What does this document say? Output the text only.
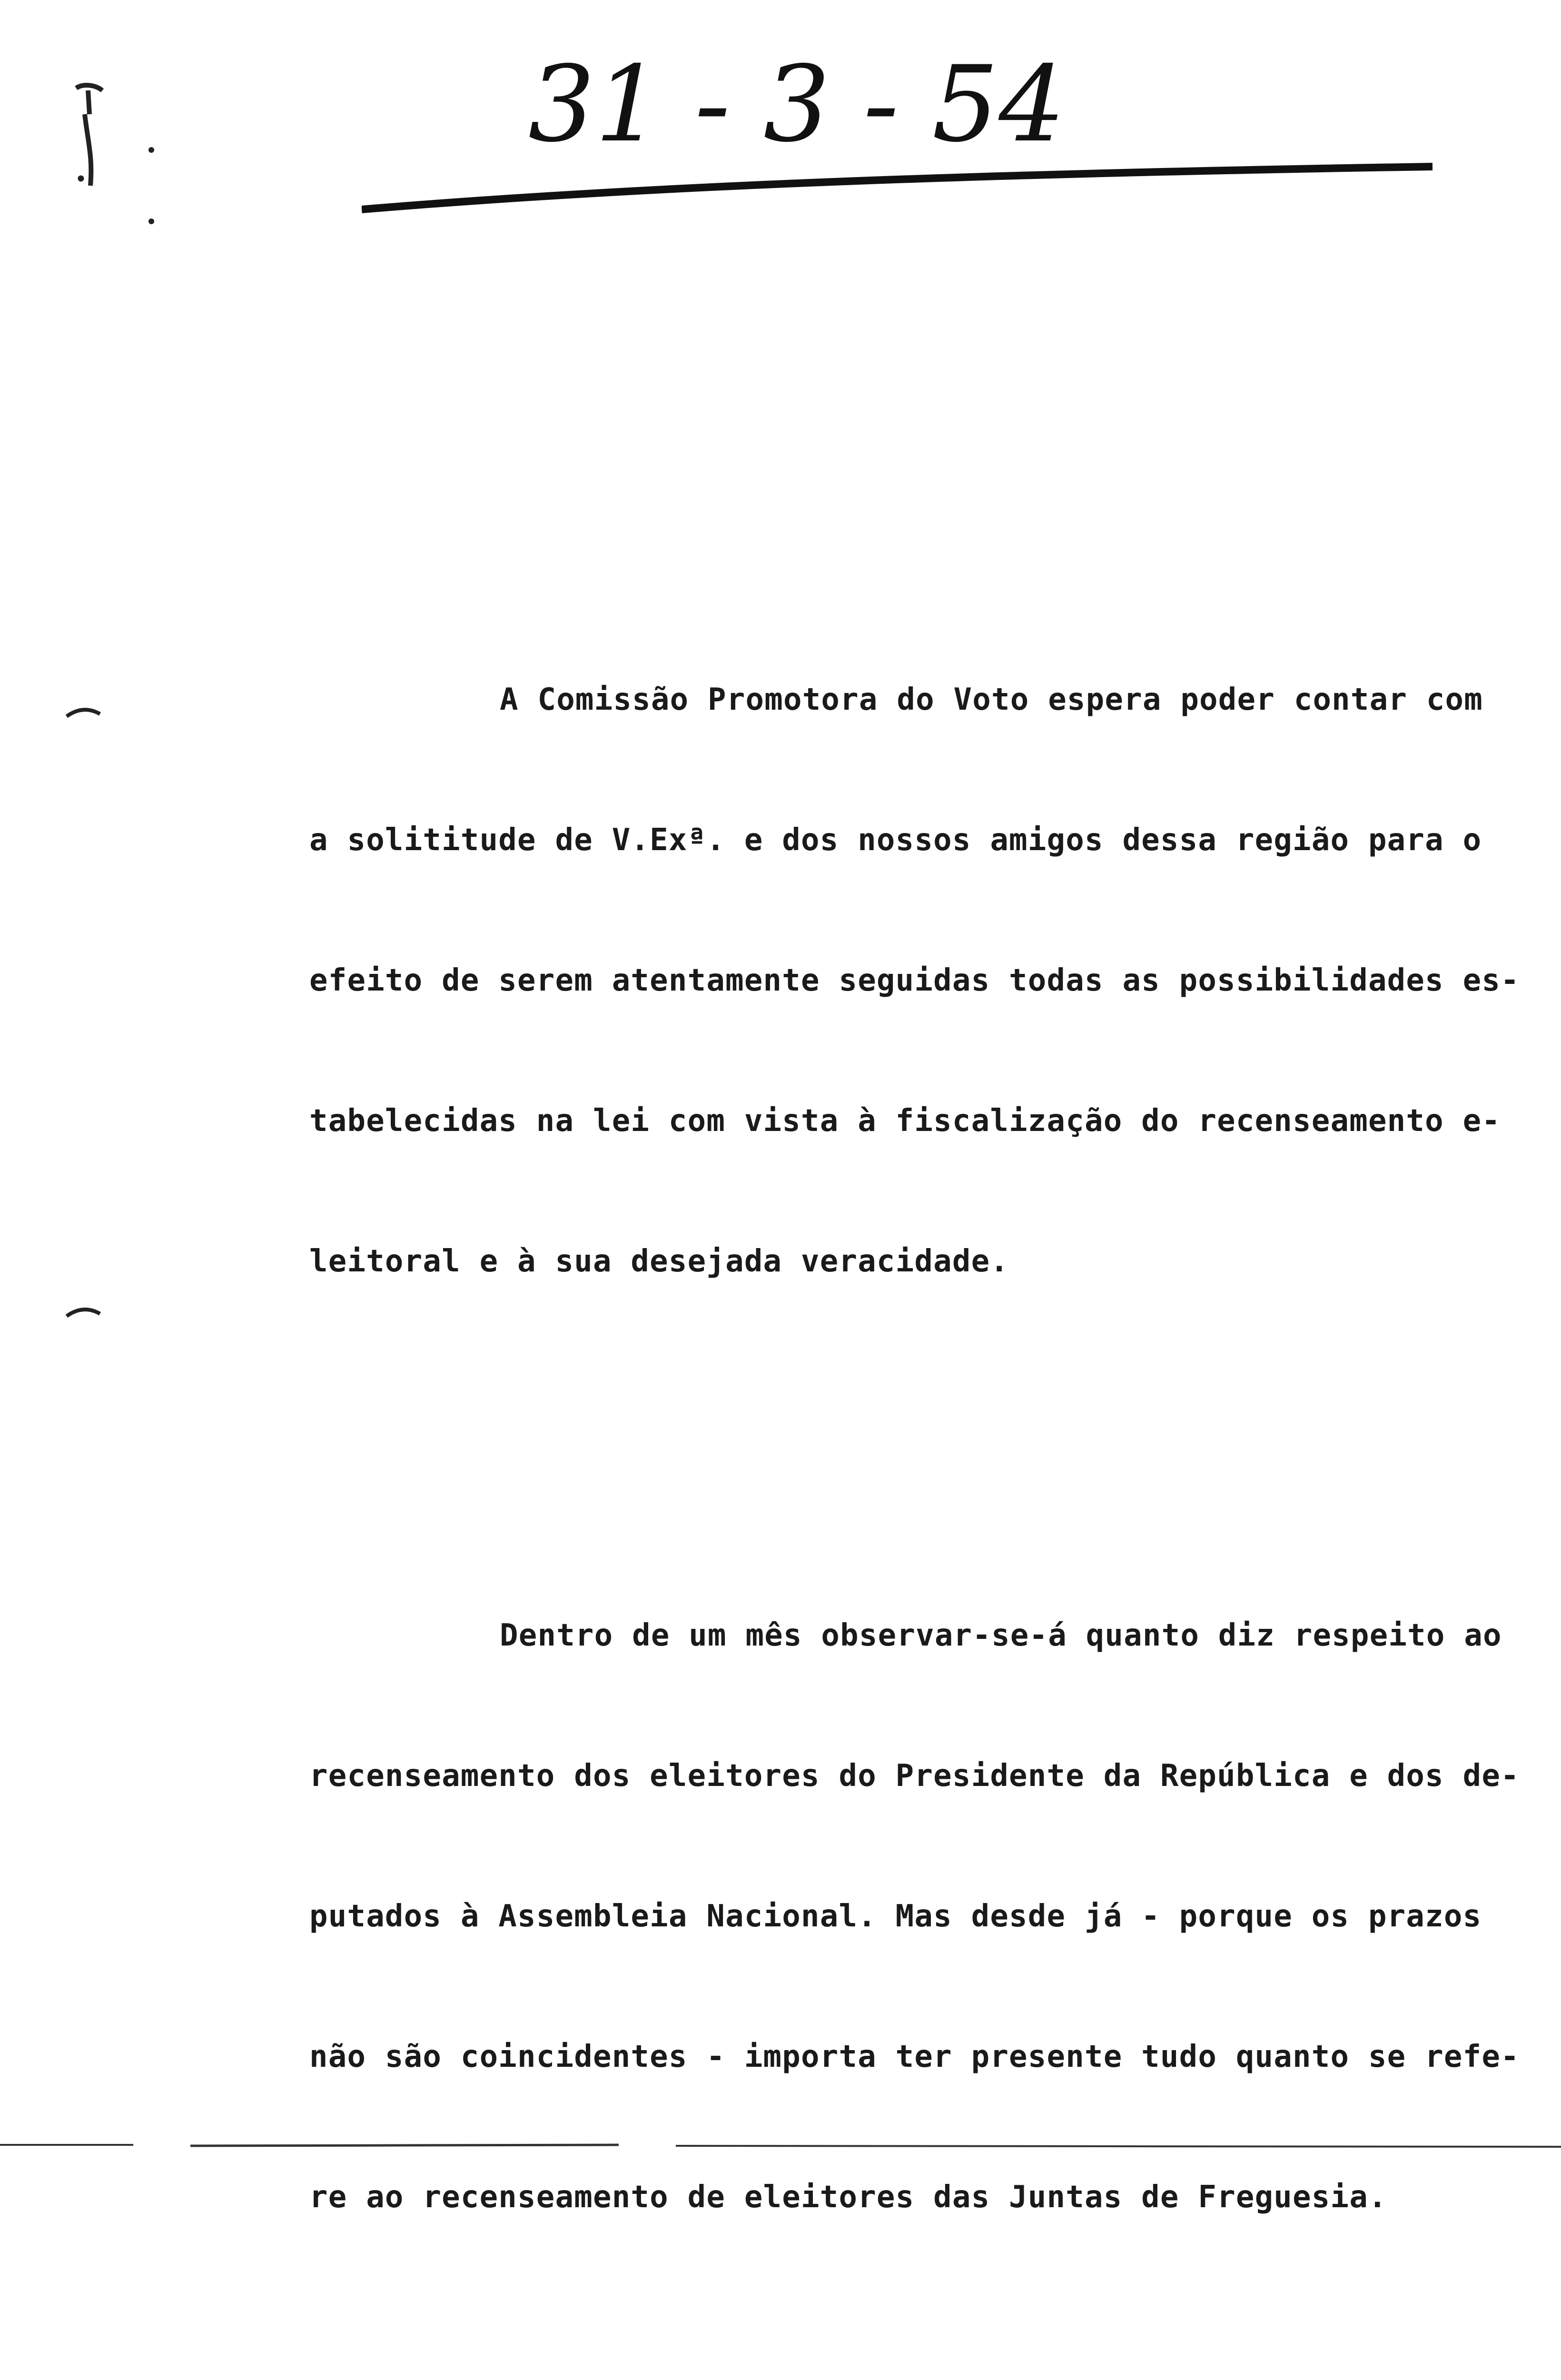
31 - 3 - 54

A Comissão Promotora do Voto espera poder contar com

a solititude de V.Exª. e dos nossos amigos dessa região para o

efeito de serem atentamente seguidas todas as possibilidades es-

tabelecidas na lei com vista à fiscalização do recenseamento e-

leitoral e à sua desejada veracidade.

Dentro de um mês observar-se-á quanto diz respeito ao

recenseamento dos eleitores do Presidente da República e dos de-

putados à Assembleia Nacional. Mas desde já - porque os prazos

não são coincidentes - importa ter presente tudo quanto se refe-

re ao recenseamento de eleitores das Juntas de Freguesia.
